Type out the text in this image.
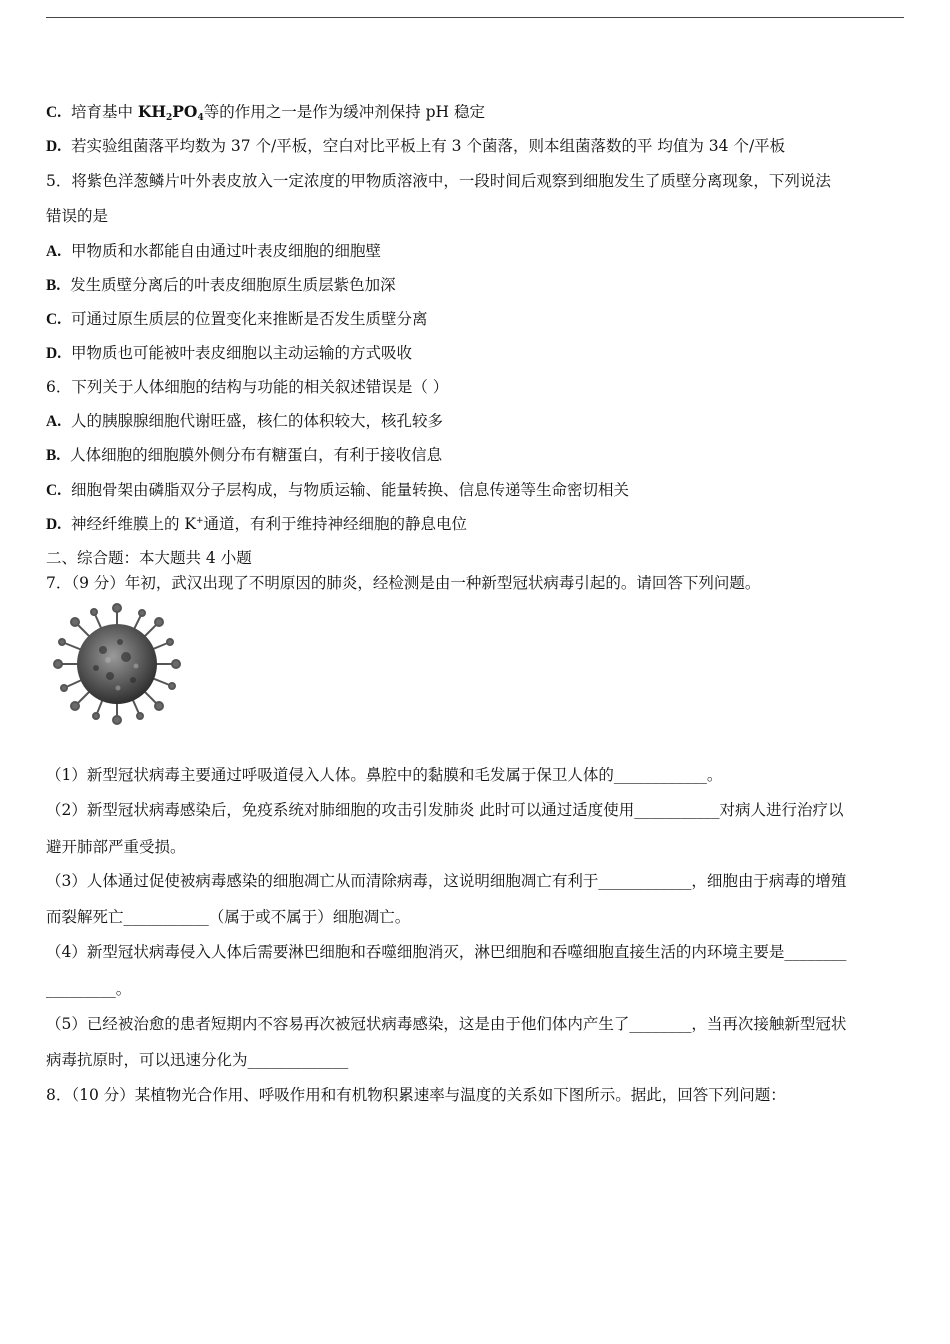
C. 培育基中 KH2PO4等的作用之一是作为缓冲剂保持 pH 稳定
D. 若实验组菌落平均数为 37 个/平板，空白对比平板上有 3 个菌落，则本组菌落数的平 均值为 34 个/平板
5．将紫色洋葱鳞片叶外表皮放入一定浓度的甲物质溶液中，一段时间后观察到细胞发生了质壁分离现象，下列说法
错误的是
A. 甲物质和水都能自由通过叶表皮细胞的细胞壁
B. 发生质壁分离后的叶表皮细胞原生质层紫色加深
C. 可通过原生质层的位置变化来推断是否发生质壁分离
D. 甲物质也可能被叶表皮细胞以主动运输的方式吸收
6．下列关于人体细胞的结构与功能的相关叙述错误是（ ）
A. 人的胰腺腺细胞代谢旺盛，核仁的体积较大，核孔较多
B. 人体细胞的细胞膜外侧分布有糖蛋白，有利于接收信息
C. 细胞骨架由磷脂双分子层构成，与物质运输、能量转换、信息传递等生命密切相关
D. 神经纤维膜上的 K+通道，有利于维持神经细胞的静息电位
二、综合题：本大题共 4 小题
7．（9 分）年初，武汉出现了不明原因的肺炎，经检测是由一种新型冠状病毒引起的。请回答下列问题。
（1）新型冠状病毒主要通过呼吸道侵入人体。鼻腔中的黏膜和毛发属于保卫人体的____________。
（2）新型冠状病毒感染后，免疫系统对肺细胞的攻击引发肺炎 此时可以通过适度使用___________对病人进行治疗以
避开肺部严重受损。
（3）人体通过促使被病毒感染的细胞凋亡从而清除病毒，这说明细胞凋亡有利于____________，细胞由于病毒的增殖
而裂解死亡___________（属于或不属于）细胞凋亡。
（4）新型冠状病毒侵入人体后需要淋巴细胞和吞噬细胞消灭，淋巴细胞和吞噬细胞直接生活的内环境主要是________
_________。
（5）已经被治愈的患者短期内不容易再次被冠状病毒感染，这是由于他们体内产生了________，当再次接触新型冠状
病毒抗原时，可以迅速分化为_____________
8．（10 分）某植物光合作用、呼吸作用和有机物积累速率与温度的关系如下图所示。据此，回答下列问题：
